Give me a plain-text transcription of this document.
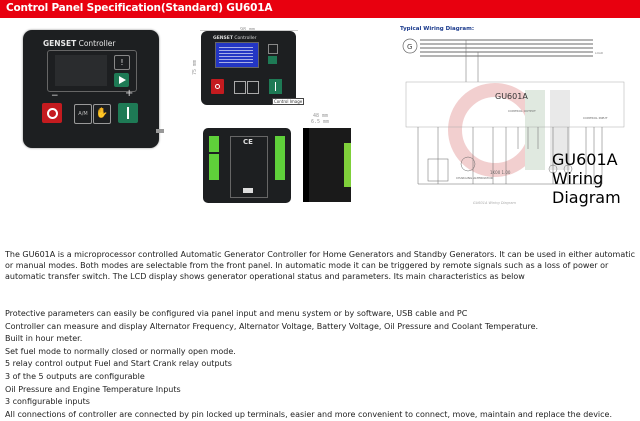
Control Panel Specification(Standard) GU601A
GENSET Controller
!
−	+
A/M ✋
75 mm
GENSET Controller
Control Image
48 mm
6.5 mm
CE
Typical Wiring Diagram:
G
LOAD
GU601A
CONTROL OUTPUT
CONTROL INPUT
CHARGING ALTERNATOR
1K00 1.00
GU601A Wiring Diagram
GU601A Wiring Diagram
The GU601A is a microprocessor controlled Automatic Generator Controller for Home Generators and Standby Generators. It can be used in either automatic or manual modes. Both modes are selectable from the front panel. In automatic mode it can be triggered by remote signals such as a loss of power or automatic transfer switch. The LCD display shows generator operational status and parameters. Its main characteristics as below
Protective parameters can easily be configured via panel input and menu system or by software, USB cable and PC
Controller can measure and display Alternator Frequency, Alternator Voltage, Battery Voltage, Oil Pressure and Coolant Temperature.
Built in hour meter.
Set fuel mode to normally closed or normally open mode.
5 relay control output Fuel and Start Crank relay outputs
3 of the 5 outputs are configurable
Oil Pressure and Engine Temperature Inputs
3 configurable inputs
All connections of controller are connected by pin locked up terminals, easier and more convenient to connect, move, maintain and replace the device.
